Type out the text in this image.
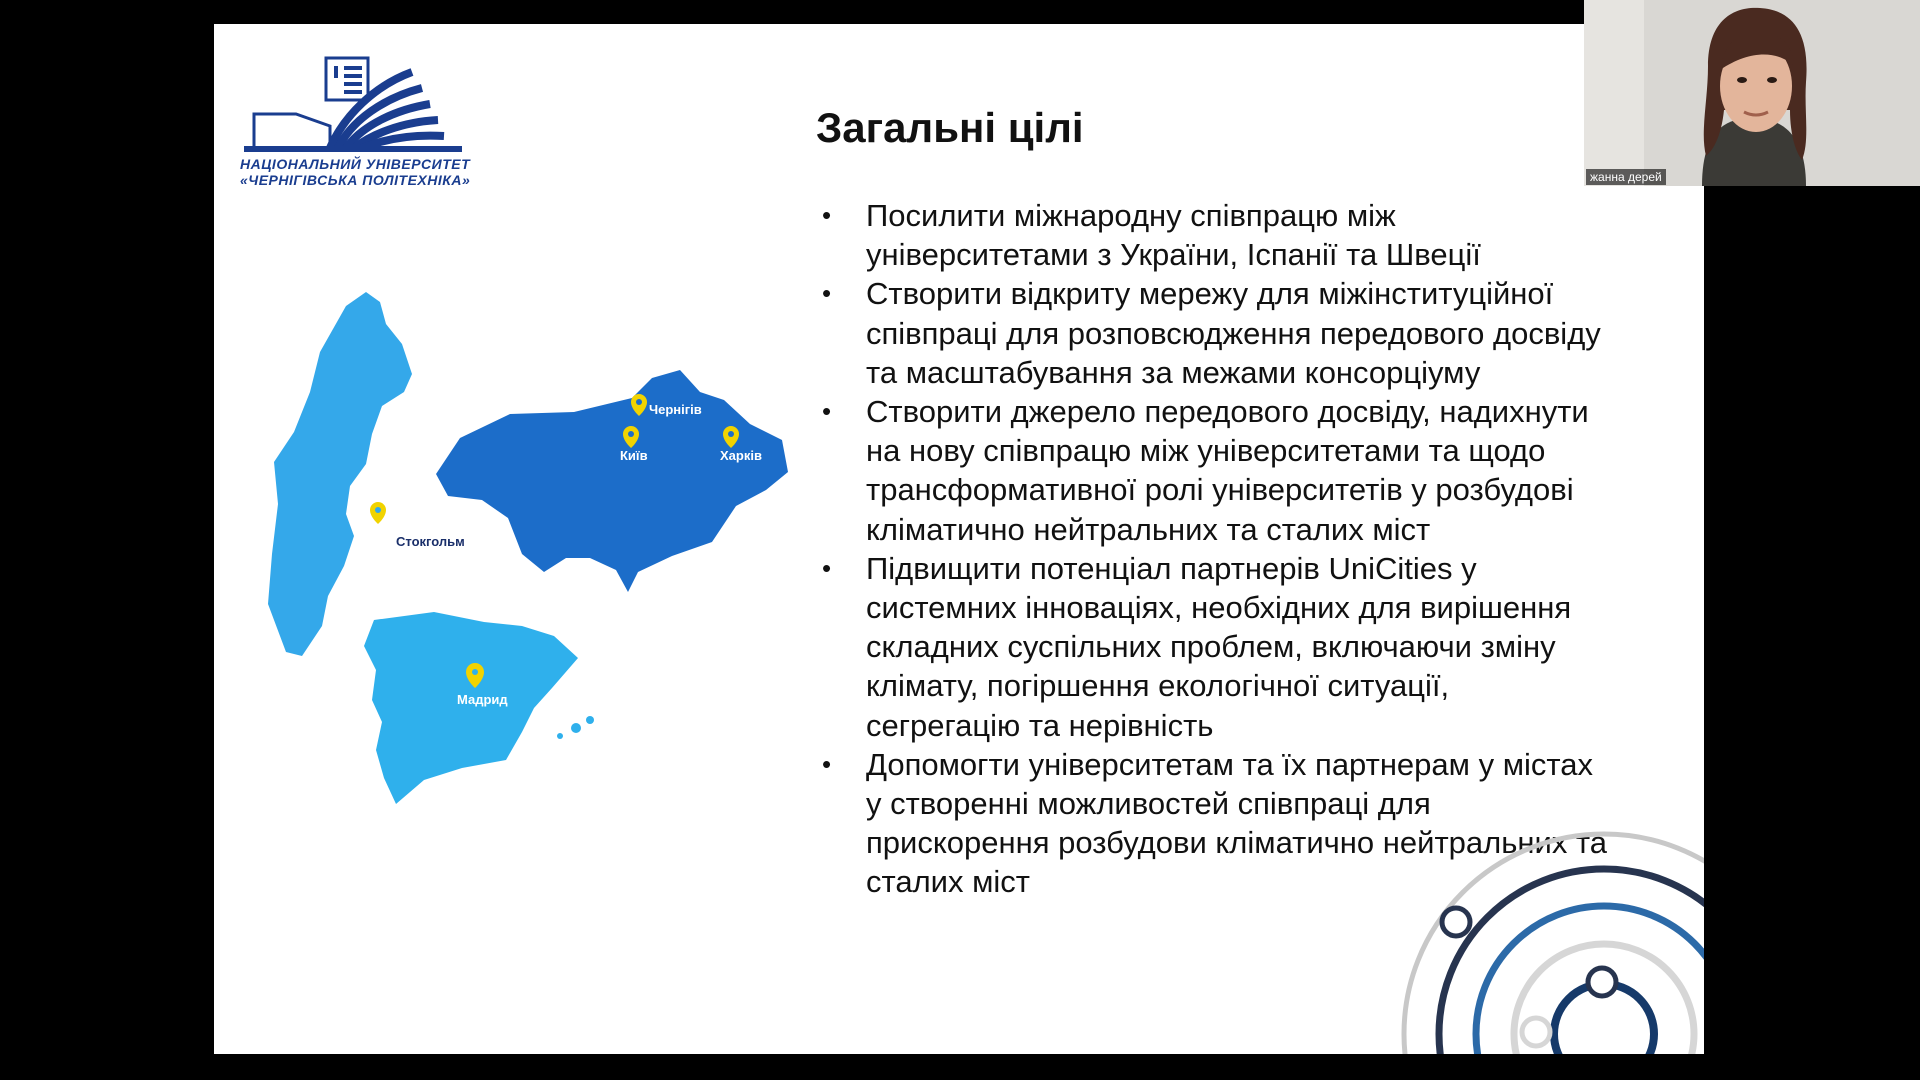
НАЦІОНАЛЬНИЙ УНІВЕРСИТЕТ
«ЧЕРНІГІВСЬКА ПОЛІТЕХНІКА»
Загальні цілі
• Посилити міжнародну співпрацю між
університетами з України, Іспанії та Швеції
• Створити відкриту мережу для міжінституційної
співпраці для розповсюдження передового досвіду
та масштабування за межами консорціуму
• Створити джерело передового досвіду, надихнути
на нову співпрацю між університетами та щодо
трансформативної ролі університетів у розбудові
кліматично нейтральних та сталих міст
• Підвищити потенціал партнерів UniCities у
системних інноваціях, необхідних для вирішення
складних суспільних проблем, включаючи зміну
клімату, погіршення екологічної ситуації,
сегрегацію та нерівність
• Допомогти університетам та їх партнерам у містах
у створенні можливостей співпраці для
прискорення розбудови кліматично нейтральних та
сталих міст
Чернігів
Київ	Харків
Стокгольм
Мадрид
жанна дерей
